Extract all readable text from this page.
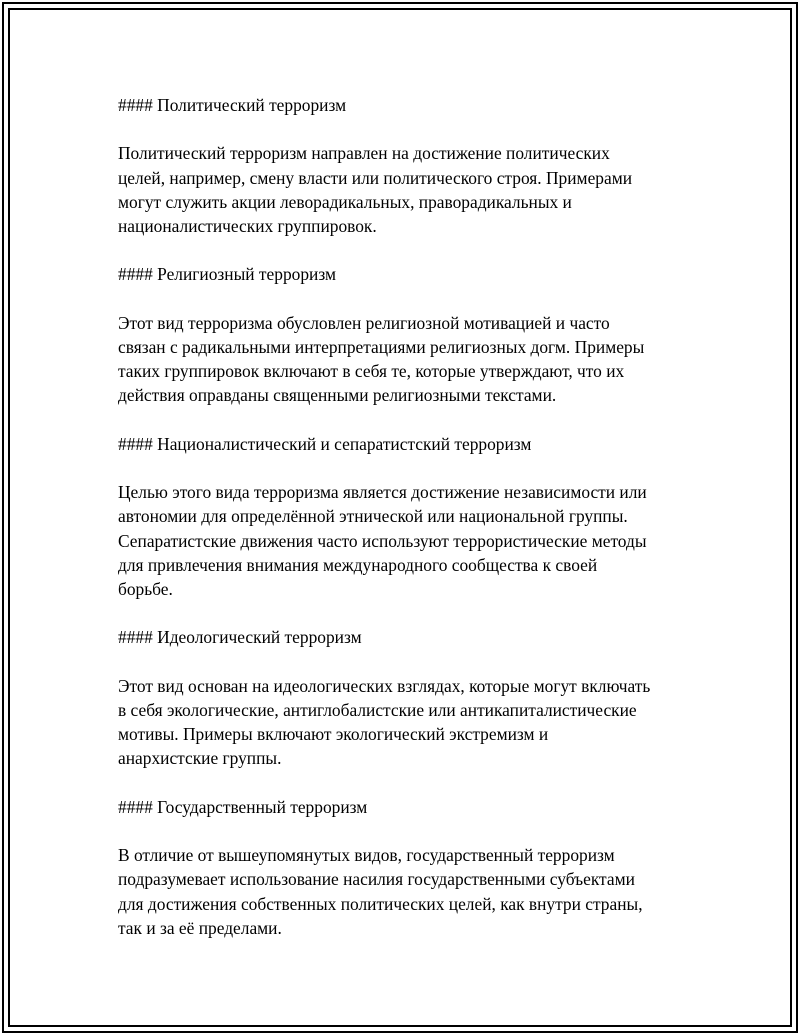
#### Политический терроризм

Политический терроризм направлен на достижение политических
целей, например, смену власти или политического строя. Примерами
могут служить акции леворадикальных, праворадикальных и
националистических группировок.

#### Религиозный терроризм

Этот вид терроризма обусловлен религиозной мотивацией и часто
связан с радикальными интерпретациями религиозных догм. Примеры
таких группировок включают в себя те, которые утверждают, что их
действия оправданы священными религиозными текстами.

#### Националистический и сепаратистский терроризм

Целью этого вида терроризма является достижение независимости или
автономии для определённой этнической или национальной группы.
Сепаратистские движения часто используют террористические методы
для привлечения внимания международного сообщества к своей
борьбе.

#### Идеологический терроризм

Этот вид основан на идеологических взглядах, которые могут включать
в себя экологические, антиглобалистские или антикапиталистические
мотивы. Примеры включают экологический экстремизм и
анархистские группы.

#### Государственный терроризм

В отличие от вышеупомянутых видов, государственный терроризм
подразумевает использование насилия государственными субъектами
для достижения собственных политических целей, как внутри страны,
так и за её пределами.
